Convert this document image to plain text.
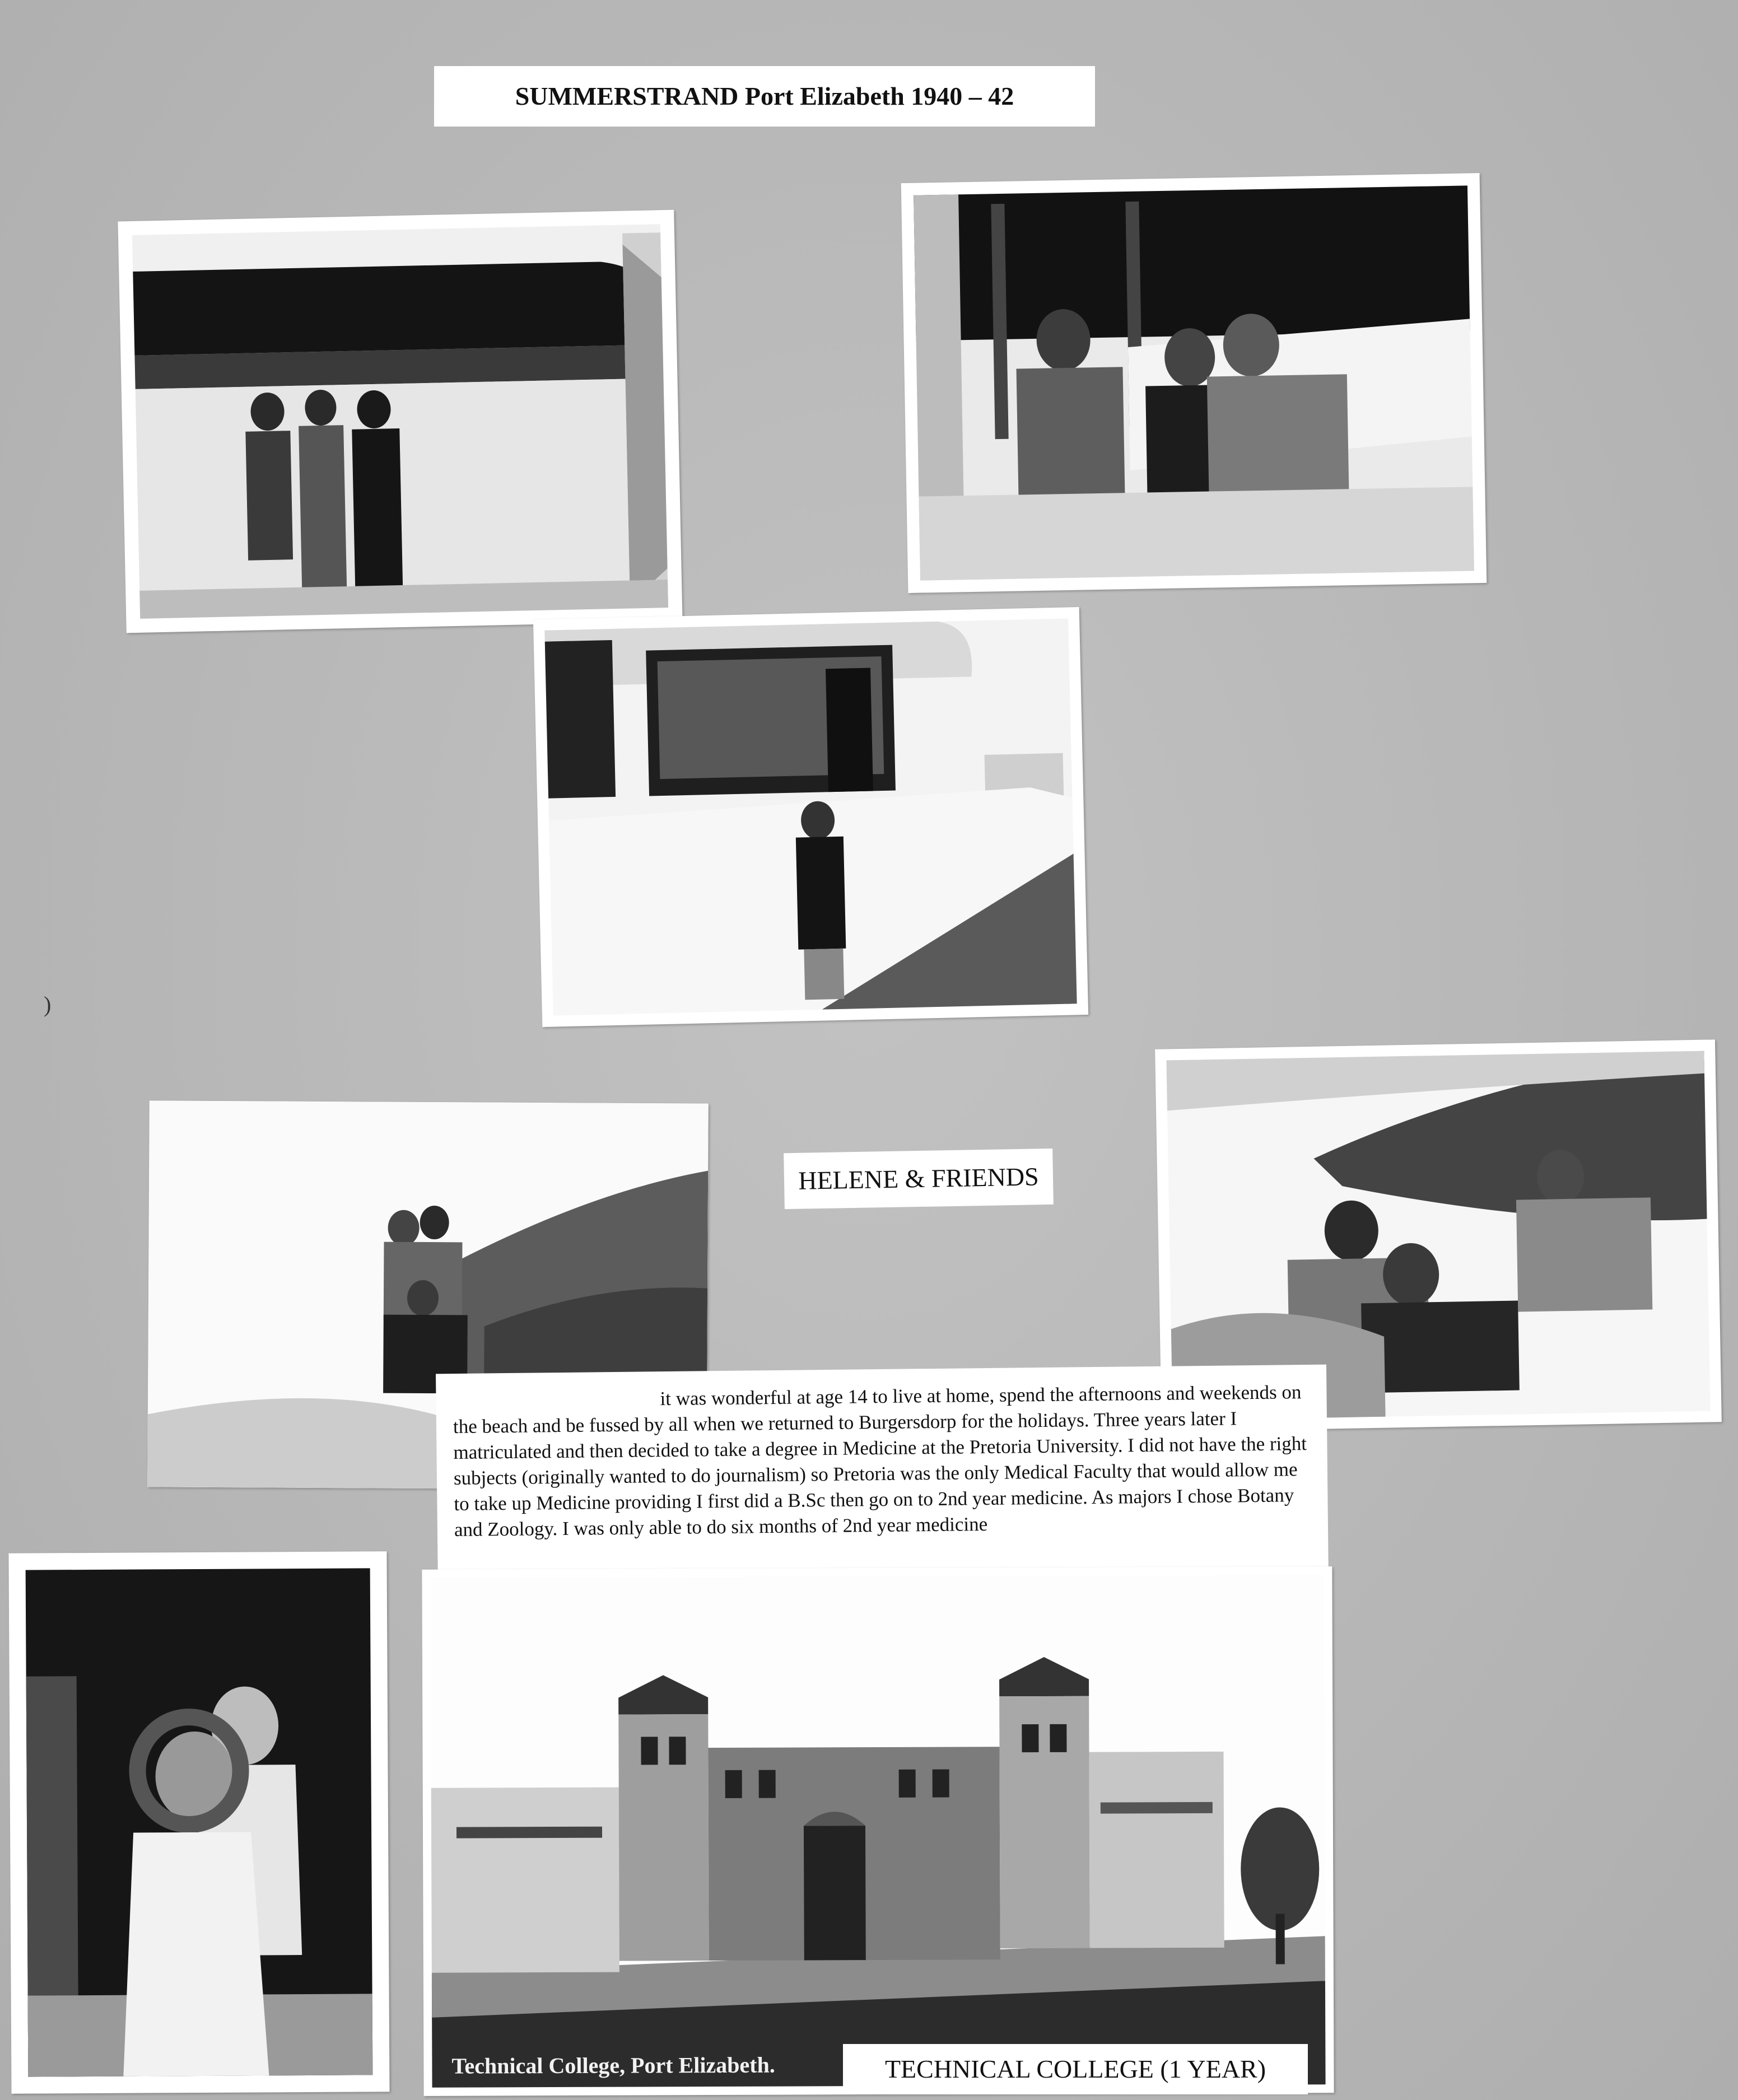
SUMMERSTRAND Port Elizabeth 1940 – 42
)
HELENE & FRIENDS

it was wonderful at age 14 to live at home, spend the afternoons and weekends on the beach and be fussed by all when we returned to Burgersdorp for the holidays. Three years later I matriculated and then decided to take a degree in Medicine at the Pretoria University. I did not have the right subjects (originally wanted to do journalism) so Pretoria was the only Medical Faculty that would allow me to take up Medicine providing I first did a B.Sc then go on to 2nd year medicine. As majors I chose Botany and Zoology. I was only able to do six months of 2nd year medicine

Technical College, Port Elizabeth.	TECHNICAL COLLEGE (1 YEAR)
